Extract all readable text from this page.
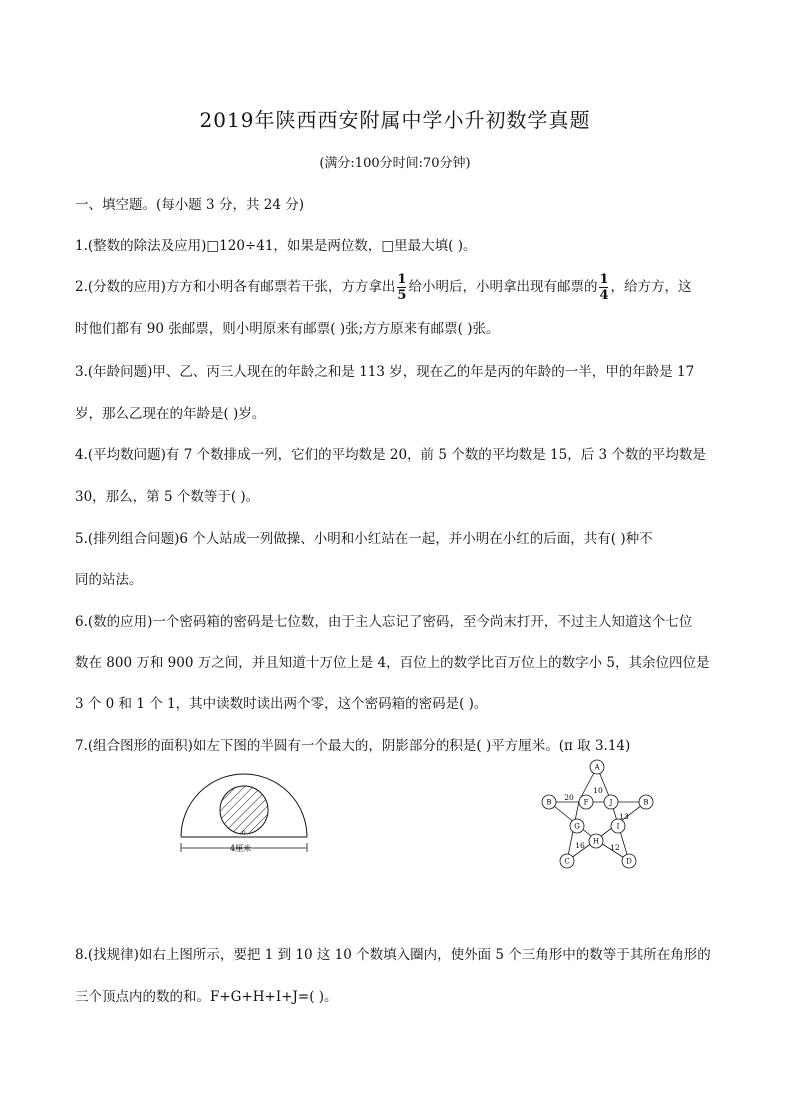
2019年陕西西安附属中学小升初数学真题
(满分:100分时间:70分钟)
一、填空题。(每小题 3 分，共 24 分)
1.(整数的除法及应用)□120÷41，如果是两位数，□里最大填( )。
2.(分数的应用)方方和小明各有邮票若干张，方方拿出 $\frac{1}{5}$ 给小明后，小明拿出现有邮票的 $\frac{1}{4}$ ，给方方，这
时他们都有 90 张邮票，则小明原来有邮票( )张;方方原来有邮票( )张。
3.(年龄问题)甲、乙、丙三人现在的年龄之和是 113 岁，现在乙的年是丙的年龄的一半，甲的年龄是 17
岁，那么乙现在的年龄是( )岁。
4.(平均数问题)有 7 个数排成一列，它们的平均数是 20，前 5 个数的平均数是 15，后 3 个数的平均数是
30，那么，第 5 个数等于( )。
5.(排列组合问题)6 个人站成一列做操、小明和小红站在一起，并小明在小红的后面，共有( )种不
同的站法。
6.(数的应用)一个密码箱的密码是七位数，由于主人忘记了密码，至今尚末打开，不过主人知道这个七位
数在 800 万和 900 万之间，并且知道十万位上是 4，百位上的数学比百万位上的数字小 5，其余位四位是
3 个 0 和 1 个 1，其中读数时读出两个零，这个密码箱的密码是( )。
7.(组合图形的面积)如左下图的半圆有一个最大的，阴影部分的积是( )平方厘米。(π 取 3.14)
o
4厘米
A
B	B
F	J
G	I
H
C	D
10
20
13
16	12
8.(找规律)如右上图所示，要把 1 到 10 这 10 个数填入圈内，使外面 5 个三角形中的数等于其所在角形的
三个顶点内的数的和。F+G+H+I+J=( )。
